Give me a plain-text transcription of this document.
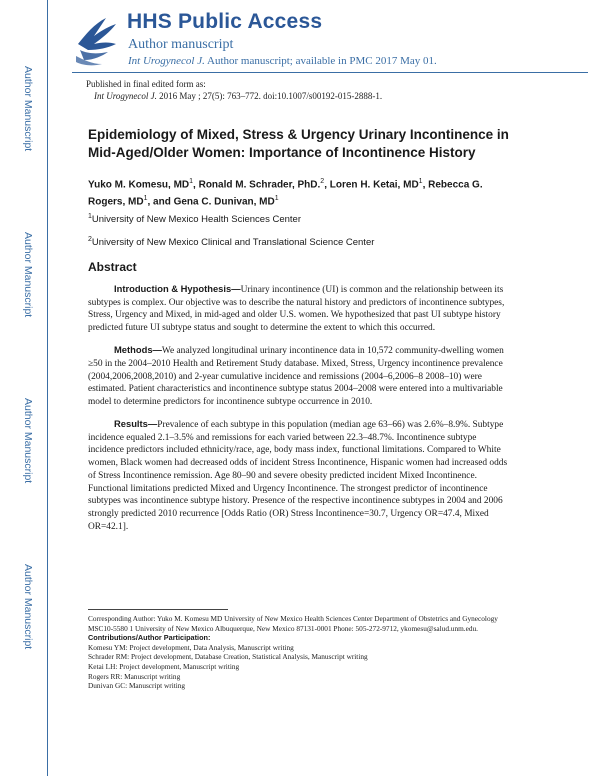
Author Manuscript
Author Manuscript
Author Manuscript
Author Manuscript
HHS Public Access
Author manuscript
Int Urogynecol J. Author manuscript; available in PMC 2017 May 01.
Published in final edited form as:
Int Urogynecol J. 2016 May ; 27(5): 763–772. doi:10.1007/s00192-015-2888-1.
Epidemiology of Mixed, Stress & Urgency Urinary Incontinence in Mid-Aged/Older Women: Importance of Incontinence History
Yuko M. Komesu, $MD^1$, Ronald M. Schrader, PhD.$^2$, Loren H. Ketai, $MD^1$, Rebecca G. Rogers, $MD^1$, and Gena C. Dunivan, $MD^1$
$^1$University of New Mexico Health Sciences Center
$^2$University of New Mexico Clinical and Translational Science Center
Abstract

Introduction & Hypothesis—Urinary incontinence (UI) is common and the relationship between its subtypes is complex. Our objective was to describe the natural history and predictors of incontinence subtypes, Stress, Urgency and Mixed, in mid-aged and older U.S. women. We hypothesized that past UI subtype history predicted future UI subtype status and sought to determine the extent to which this occurred.

Methods—We analyzed longitudinal urinary incontinence data in 10,572 community-dwelling women ≥50 in the 2004–2010 Health and Retirement Study database. Mixed, Stress, Urgency incontinence prevalence (2004,2006,2008,2010) and 2-year cumulative incidence and remissions (2004–6,2006–8 2008–10) were estimated. Patient characteristics and incontinence subtype status 2004–2008 were entered into a multivariable model to determine predictors for incontinence subtype occurrence in 2010.

Results—Prevalence of each subtype in this population (median age 63–66) was 2.6%–8.9%. Subtype incidence equaled 2.1–3.5% and remissions for each varied between 22.3–48.7%. Incontinence subtype incidence predictors included ethnicity/race, age, body mass index, functional limitations. Compared to White women, Black women had decreased odds of incident Stress Incontinence, Hispanic women had increased odds of Stress Incontinence remission. Age 80–90 and severe obesity predicted incident Mixed Incontinence. Functional limitations predicted Mixed and Urgency Incontinence. The strongest predictor of incontinence subtypes was incontinence subtype history. Presence of the respective incontinence subtypes in 2004 and 2006 strongly predicted 2010 recurrence [Odds Ratio (OR) Stress Incontinence=30.7, Urgency OR=47.4, Mixed OR=42.1].

Corresponding Author: Yuko M. Komesu MD University of New Mexico Health Sciences Center Department of Obstetrics and Gynecology MSC10-5580 1 University of New Mexico Albuquerque, New Mexico 87131-0001 Phone: 505-272-9712, ykomesu@salud.unm.edu.
Contributions/Author Participation:
Komesu YM: Project development, Data Analysis, Manuscript writing
Schrader RM: Project development, Database Creation, Statistical Analysis, Manuscript writing
Ketai LH: Project development, Manuscript writing
Rogers RR: Manuscript writing
Dunivan GC: Manuscript writing
